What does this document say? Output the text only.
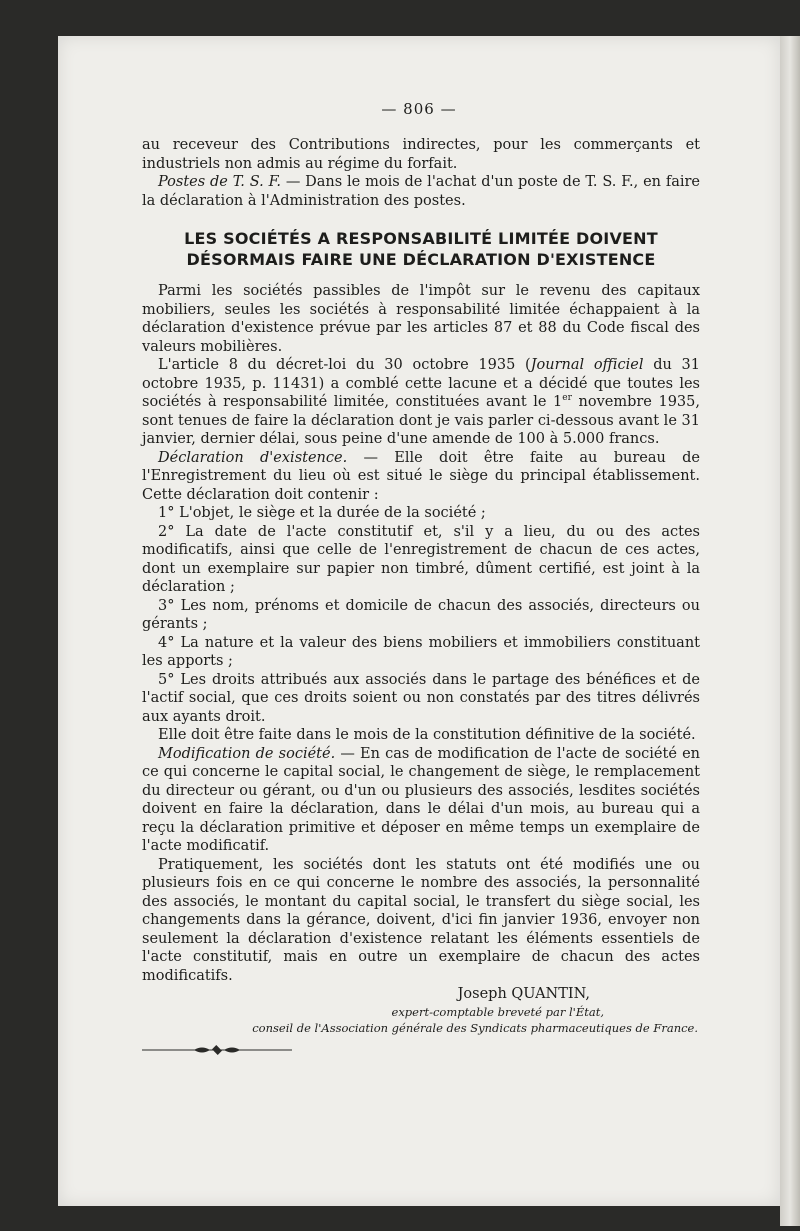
— 806 —

au receveur des Contributions indirectes, pour les commerçants et industriels non admis au régime du forfait.

Postes de T. S. F. — Dans le mois de l'achat d'un poste de T. S. F., en faire la déclaration à l'Administration des postes.

LES SOCIÉTÉS A RESPONSABILITÉ LIMITÉE DOIVENT
DÉSORMAIS FAIRE UNE DÉCLARATION D'EXISTENCE

Parmi les sociétés passibles de l'impôt sur le revenu des capitaux mobiliers, seules les sociétés à responsabilité limitée échappaient à la déclaration d'existence prévue par les articles 87 et 88 du Code fiscal des valeurs mobilières.

L'article 8 du décret-loi du 30 octobre 1935 (Journal officiel du 31 octobre 1935, p. 11431) a comblé cette lacune et a décidé que toutes les sociétés à responsabilité limitée, constituées avant le 1er novembre 1935, sont tenues de faire la déclaration dont je vais parler ci-dessous avant le 31 janvier, dernier délai, sous peine d'une amende de 100 à 5.000 francs.

Déclaration d'existence. — Elle doit être faite au bureau de l'Enregistrement du lieu où est situé le siège du principal établissement. Cette déclaration doit contenir :

1° L'objet, le siège et la durée de la société ;

2° La date de l'acte constitutif et, s'il y a lieu, du ou des actes modificatifs, ainsi que celle de l'enregistrement de chacun de ces actes, dont un exemplaire sur papier non timbré, dûment certifié, est joint à la déclaration ;

3° Les nom, prénoms et domicile de chacun des associés, directeurs ou gérants ;

4° La nature et la valeur des biens mobiliers et immobiliers constituant les apports ;

5° Les droits attribués aux associés dans le partage des bénéfices et de l'actif social, que ces droits soient ou non constatés par des titres délivrés aux ayants droit.

Elle doit être faite dans le mois de la constitution définitive de la société.

Modification de société. — En cas de modification de l'acte de société en ce qui concerne le capital social, le changement de siège, le remplacement du directeur ou gérant, ou d'un ou plusieurs des associés, lesdites sociétés doivent en faire la déclaration, dans le délai d'un mois, au bureau qui a reçu la déclaration primitive et déposer en même temps un exemplaire de l'acte modificatif.

Pratiquement, les sociétés dont les statuts ont été modifiés une ou plusieurs fois en ce qui concerne le nombre des associés, la personnalité des associés, le montant du capital social, le transfert du siège social, les changements dans la gérance, doivent, d'ici fin janvier 1936, envoyer non seulement la déclaration d'existence relatant les éléments essentiels de l'acte constitutif, mais en outre un exemplaire de chacun des actes modificatifs.

Joseph QUANTIN,
expert-comptable breveté par l'État,
conseil de l'Association générale des Syndicats pharmaceutiques de France.
